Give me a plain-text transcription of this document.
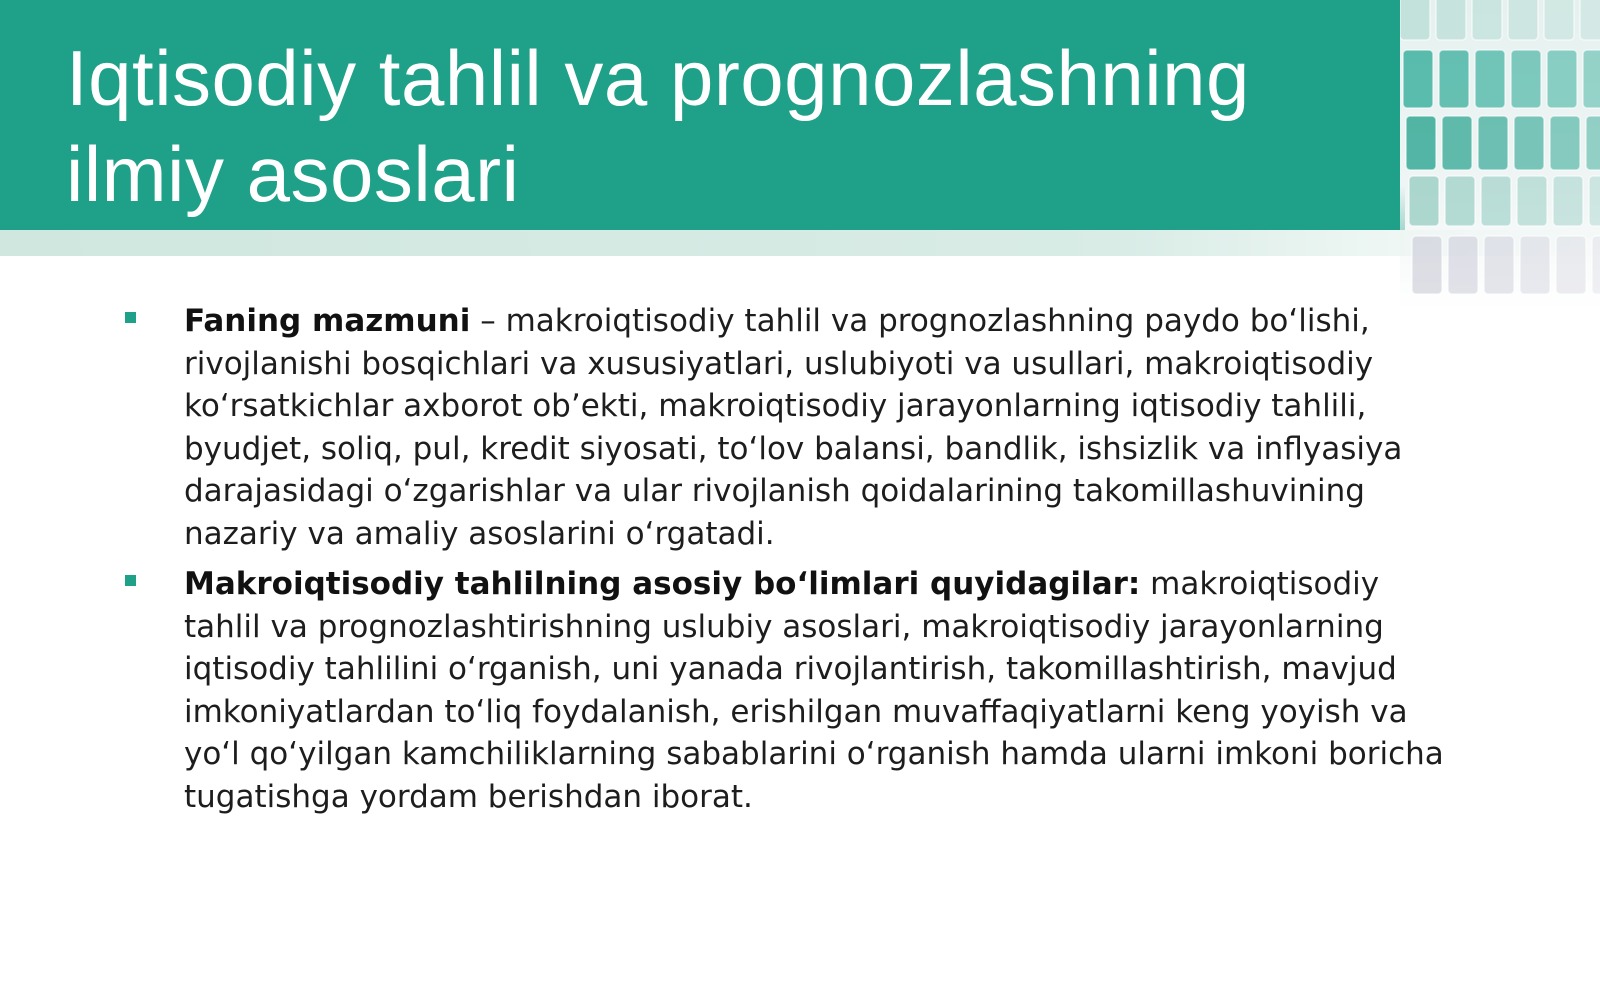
Iqtisodiy tahlil va prognozlashning ilmiy asoslari
Faning mazmuni – makroiqtisodiy tahlil va prognozlashning paydo boʻlishi, rivojlanishi bosqichlari va xususiyatlari, uslubiyoti va usullari, makroiqtisodiy koʻrsatkichlar axborot obʼekti, makroiqtisodiy jarayonlarning iqtisodiy tahlili, byudjet, soliq, pul, kredit siyosati, toʻlov balansi, bandlik, ishsizlik va inflyasiya darajasidagi oʻzgarishlar va ular rivojlanish qoidalarining takomillashuvining nazariy va amaliy asoslarini oʻrgatadi.
Makroiqtisodiy tahlilning asosiy boʻlimlari quyidagilar: makroiqtisodiy tahlil va prognozlashtirishning uslubiy asoslari, makroiqtisodiy jarayonlarning iqtisodiy tahlilini oʻrganish, uni yanada rivojlantirish, takomillashtirish, mavjud imkoniyatlardan toʻliq foydalanish, erishilgan muvaffaqiyatlarni keng yoyish va yoʻl qoʻyilgan kamchiliklarning sabablarini oʻrganish hamda ularni imkoni boricha tugatishga yordam berishdan iborat.
